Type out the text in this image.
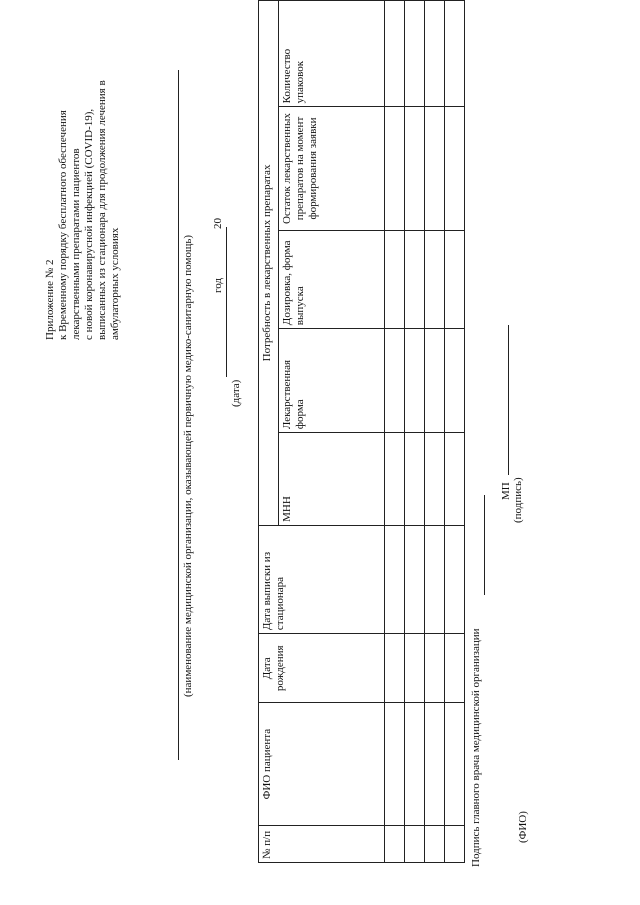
Приложение № 2 к Временному порядку бесплатного обеспечения лекарственными препаратами пациентов с новой коронавирусной инфекцией (COVID-19), выписанных из стационара для продолжения лечения в амбулаторных условиях	(наименование медицинской организации, оказывающей первичную медико-санитарную помощь)
20
год
(дата)
№ п/п	ФИО пациента	Дата рождения	Дата выписки из стационара	Потребность в лекарственных препаратах				
				МНН	Лекарственная форма	Дозировка, форма выпуска	Остаток лекарственных препаратов на момент формирования заявки	Количество упаковок

Подпись главного врача медицинской организации
МП (подпись)
(ФИО)
